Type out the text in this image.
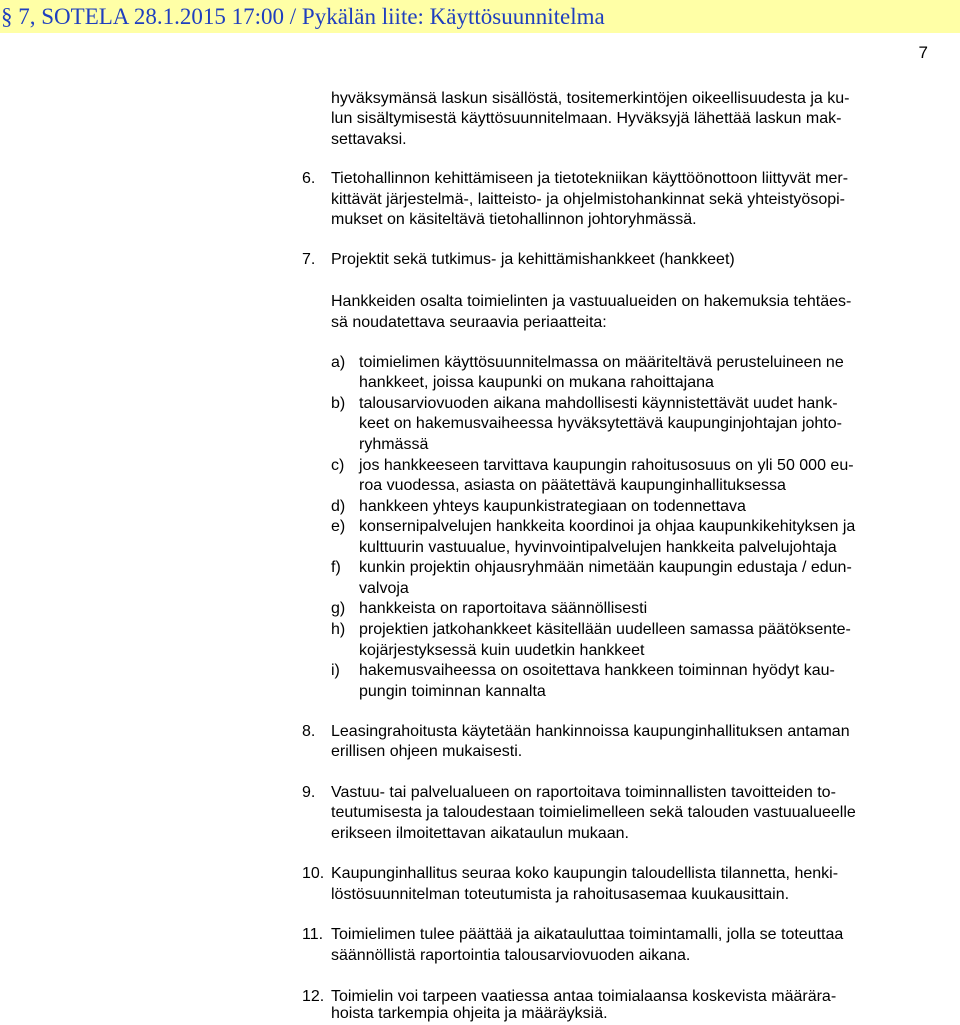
§ 7, SOTELA 28.1.2015 17:00 / Pykälän liite: Käyttösuunnitelma
7

hyväksymänsä laskun sisällöstä, tositemerkintöjen oikeellisuudesta ja ku-

lun sisältymisestä käyttösuunnitelmaan. Hyväksyjä lähettää laskun mak-

settavaksi.

6. Tietohallinnon kehittämiseen ja tietotekniikan käyttöönottoon liittyvät mer-

kittävät järjestelmä-, laitteisto- ja ohjelmistohankinnat sekä yhteistyösopi-

mukset on käsiteltävä tietohallinnon johtoryhmässä.

7. Projektit sekä tutkimus- ja kehittämishankkeet (hankkeet)

Hankkeiden osalta toimielinten ja vastuualueiden on hakemuksia tehtäes-

sä noudatettava seuraavia periaatteita:

a) toimielimen käyttösuunnitelmassa on määriteltävä perusteluineen ne

hankkeet, joissa kaupunki on mukana rahoittajana

b) talousarviovuoden aikana mahdollisesti käynnistettävät uudet hank-

keet on hakemusvaiheessa hyväksytettävä kaupunginjohtajan johto-

ryhmässä

c) jos hankkeeseen tarvittava kaupungin rahoitusosuus on yli 50 000 eu-

roa vuodessa, asiasta on päätettävä kaupunginhallituksessa

d) hankkeen yhteys kaupunkistrategiaan on todennettava

e) konsernipalvelujen hankkeita koordinoi ja ohjaa kaupunkikehityksen ja

kulttuurin vastuualue, hyvinvointipalvelujen hankkeita palvelujohtaja

f)	kunkin projektin ohjausryhmään nimetään kaupungin edustaja / edun-

valvoja

g) hankkeista on raportoitava säännöllisesti

h) projektien jatkohankkeet käsitellään uudelleen samassa päätöksente-

kojärjestyksessä kuin uudetkin hankkeet

i)	hakemusvaiheessa on osoitettava hankkeen toiminnan hyödyt kau-

pungin toiminnan kannalta

8. Leasingrahoitusta käytetään hankinnoissa kaupunginhallituksen antaman

erillisen ohjeen mukaisesti.

9. Vastuu- tai palvelualueen on raportoitava toiminnallisten tavoitteiden to-

teutumisesta ja taloudestaan toimielimelleen sekä talouden vastuualueelle

erikseen ilmoitettavan aikataulun mukaan.

10. Kaupunginhallitus seuraa koko kaupungin taloudellista tilannetta, henki-

löstösuunnitelman toteutumista ja rahoitusasemaa kuukausittain.

11. Toimielimen tulee päättää ja aikatauluttaa toimintamalli, jolla se toteuttaa

säännöllistä raportointia talousarviovuoden aikana.

12. Toimielin voi tarpeen vaatiessa antaa toimialaansa koskevista määrära-

hoista tarkempia ohjeita ja määräyksiä.
